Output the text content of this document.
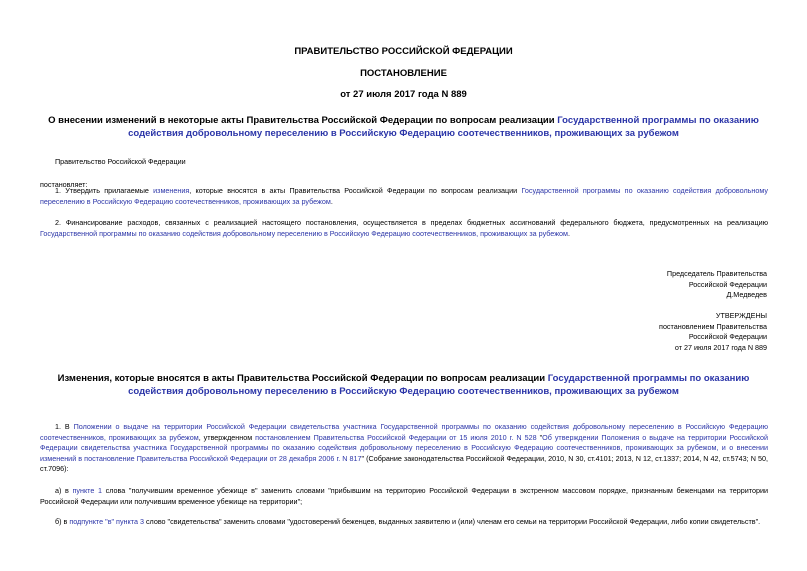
ПРАВИТЕЛЬСТВО РОССИЙСКОЙ ФЕДЕРАЦИИ
ПОСТАНОВЛЕНИЕ
от 27 июля 2017 года N 889
О внесении изменений в некоторые акты Правительства Российской Федерации по вопросам реализации Государственной программы по оказанию содействия добровольному переселению в Российскую Федерацию соотечественников, проживающих за рубежом
Правительство Российской Федерации
постановляет:
1. Утвердить прилагаемые изменения, которые вносятся в акты Правительства Российской Федерации по вопросам реализации Государственной программы по оказанию содействия добровольному переселению в Российскую Федерацию соотечественников, проживающих за рубежом.
2. Финансирование расходов, связанных с реализацией настоящего постановления, осуществляется в пределах бюджетных ассигнований федерального бюджета, предусмотренных на реализацию Государственной программы по оказанию содействия добровольному переселению в Российскую Федерацию соотечественников, проживающих за рубежом.
Председатель Правительства
Российской Федерации
Д.Медведев
УТВЕРЖДЕНЫ
постановлением Правительства
Российской Федерации
от 27 июля 2017 года N 889
Изменения, которые вносятся в акты Правительства Российской Федерации по вопросам реализации Государственной программы по оказанию содействия добровольному переселению в Российскую Федерацию соотечественников, проживающих за рубежом
1. В Положении о выдаче на территории Российской Федерации свидетельства участника Государственной программы по оказанию содействия добровольному переселению в Российскую Федерацию соотечественников, проживающих за рубежом, утвержденном постановлением Правительства Российской Федерации от 15 июля 2010 г. N 528 "Об утверждении Положения о выдаче на территории Российской Федерации свидетельства участника Государственной программы по оказанию содействия добровольному переселению в Российскую Федерацию соотечественников, проживающих за рубежом, и о внесении изменений в постановление Правительства Российской Федерации от 28 декабря 2006 г. N 817" (Собрание законодательства Российской Федерации, 2010, N 30, ст.4101; 2013, N 12, ст.1337; 2014, N 42, ст.5743; N 50, ст.7096):
а) в пункте 1 слова "получившим временное убежище в" заменить словами "прибывшим на территорию Российской Федерации в экстренном массовом порядке, признанным беженцами на территории Российской Федерации или получившим временное убежище на территории";
б) в подпункте "в" пункта 3 слово "свидетельства" заменить словами "удостоверений беженцев, выданных заявителю и (или) членам его семьи на территории Российской Федерации, либо копии свидетельств".
